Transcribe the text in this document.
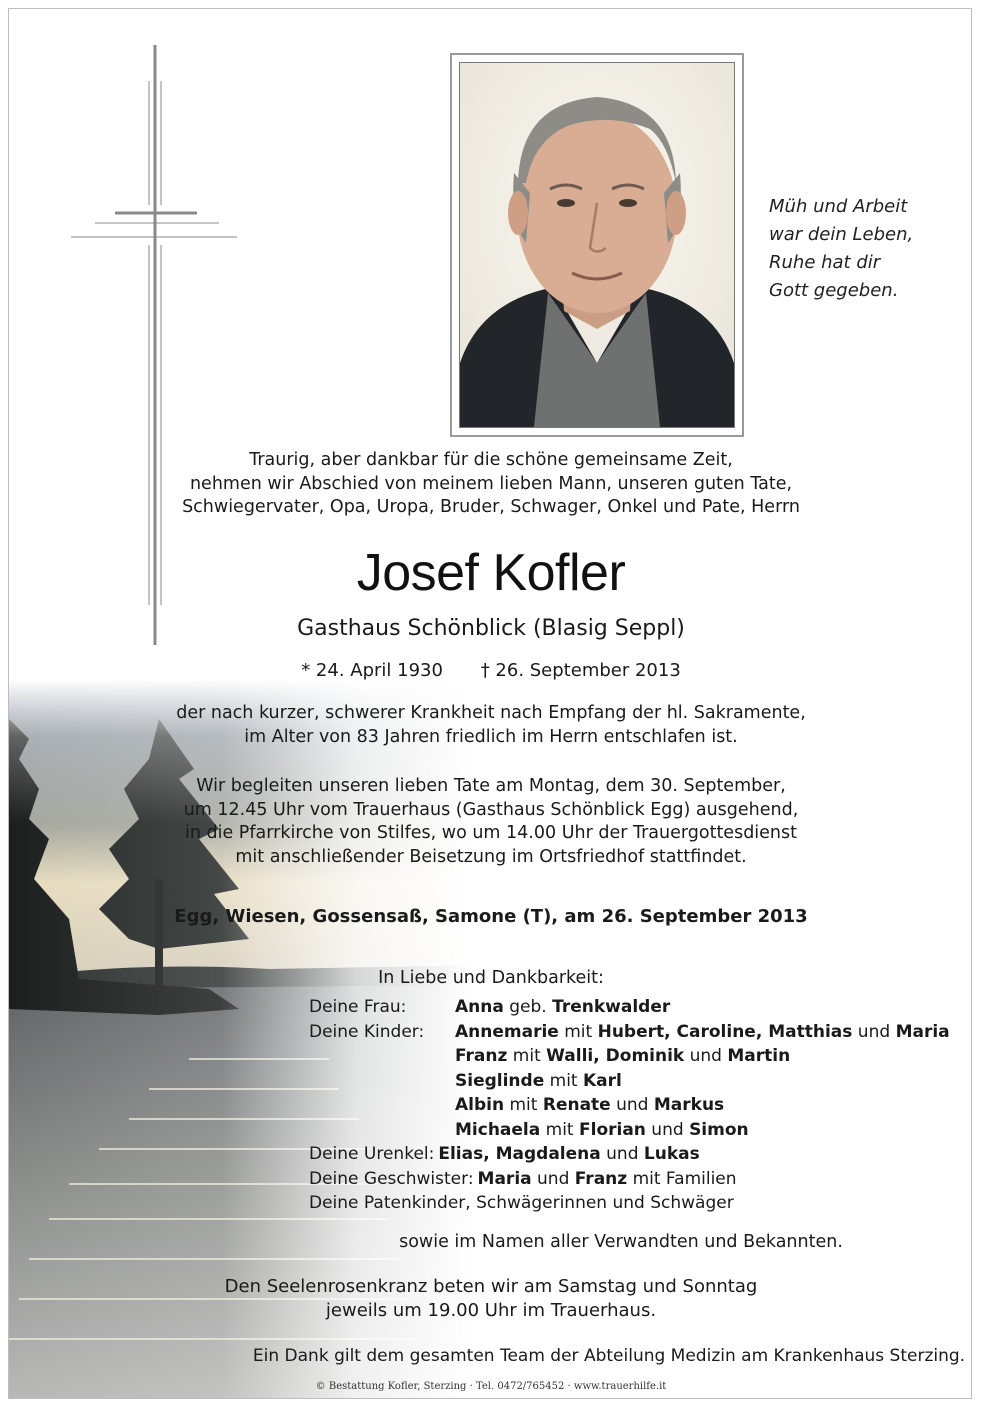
Müh und Arbeit
war dein Leben,
Ruhe hat dir
Gott gegeben.
Traurig, aber dankbar für die schöne gemeinsame Zeit,
nehmen wir Abschied von meinem lieben Mann, unseren guten Tate,
Schwiegervater, Opa, Uropa, Bruder, Schwager, Onkel und Pate, Herrn
Josef Kofler
Gasthaus Schönblick (Blasig Seppl)
* 24. April 1930 † 26. September 2013
der nach kurzer, schwerer Krankheit nach Empfang der hl. Sakramente,
im Alter von 83 Jahren friedlich im Herrn entschlafen ist.
Wir begleiten unseren lieben Tate am Montag, dem 30. September,
um 12.45 Uhr vom Trauerhaus (Gasthaus Schönblick Egg) ausgehend,
in die Pfarrkirche von Stilfes, wo um 14.00 Uhr der Trauergottesdienst
mit anschließender Beisetzung im Ortsfriedhof stattfindet.
Egg, Wiesen, Gossensaß, Samone (T), am 26. September 2013
In Liebe und Dankbarkeit:
Deine Frau:	Anna geb. Trenkwalder
Deine Kinder:	Annemarie mit Hubert, Caroline, Matthias und Maria
Franz mit Walli, Dominik und Martin
Sieglinde mit Karl
Albin mit Renate und Markus
Michaela mit Florian und Simon
Deine Urenkel: Elias, Magdalena und Lukas
Deine Geschwister: Maria und Franz mit Familien
Deine Patenkinder, Schwägerinnen und Schwäger
sowie im Namen aller Verwandten und Bekannten.
Den Seelenrosenkranz beten wir am Samstag und Sonntag
jeweils um 19.00 Uhr im Trauerhaus.
Ein Dank gilt dem gesamten Team der Abteilung Medizin am Krankenhaus Sterzing.
© Bestattung Kofler, Sterzing · Tel. 0472/765452 · www.trauerhilfe.it
